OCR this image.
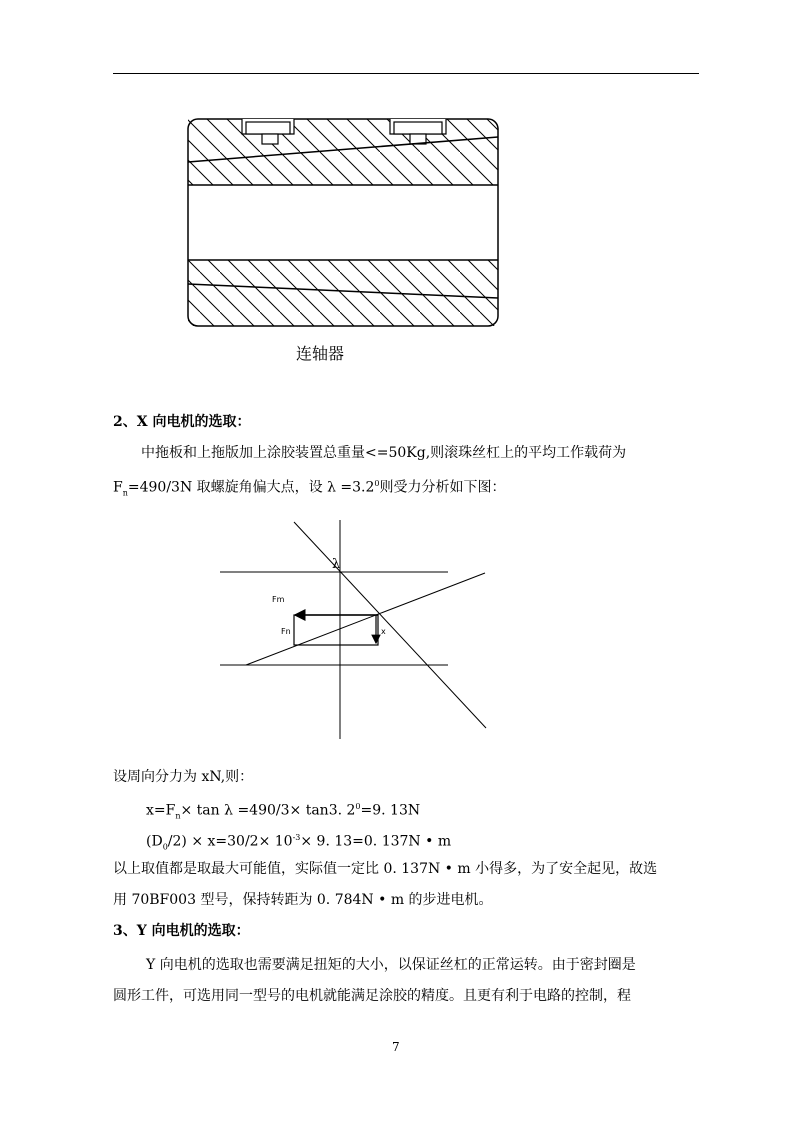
连轴器
2、X 向电机的选取：
中拖板和上拖版加上涂胶装置总重量<=50Kg,则滚珠丝杠上的平均工作载荷为
$F_n=490/3N$ 取螺旋角偏大点，设 $\lambda =3.2^0$则受力分析如下图：
λ
Fm
Fn	x
设周向分力为 xN,则：
$x=F_n\times \tan \lambda =490/3\times \tan 3$. $2^0=9$. 13N
$(D_0/2) \times x=30/2\times 10^{-3}\times 9$. 13=0. 137N • m
以上取值都是取最大可能值，实际值一定比 0. 137N • m 小得多，为了安全起见，故选
用 70BF003 型号，保持转距为 0. 784N • m 的步进电机。
3、Y 向电机的选取：
Y 向电机的选取也需要满足扭矩的大小，以保证丝杠的正常运转。由于密封圈是
圆形工件，可选用同一型号的电机就能满足涂胶的精度。且更有利于电路的控制，程
7
